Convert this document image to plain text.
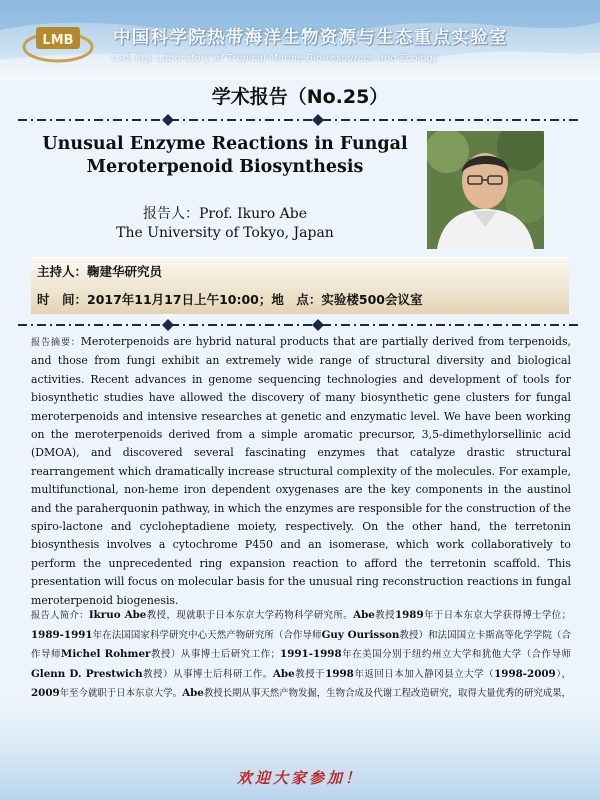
LMB 中国科学院热带海洋生物资源与生态重点实验室
CAS Key Laboratory of Tropical Marine Bio-resources and Ecology
学术报告（No.25）
Unusual Enzyme Reactions in Fungal
Meroterpenoid Biosynthesis
报告人：Prof. Ikuro Abe
The University of Tokyo, Japan
主持人：鞠建华研究员
时　间：2017年11月17日上午10:00；地　点：实验楼500会议室
报告摘要：Meroterpenoids are hybrid natural products that are partially derived from terpenoids, and those from fungi exhibit an extremely wide range of structural diversity and biological activities. Recent advances in genome sequencing technologies and development of tools for biosynthetic studies have allowed the discovery of many biosynthetic gene clusters for fungal meroterpenoids and intensive researches at genetic and enzymatic level. We have been working on the meroterpenoids derived from a simple aromatic precursor, 3,5-dimethylorsellinic acid (DMOA), and discovered several fascinating enzymes that catalyze drastic structural rearrangement which dramatically increase structural complexity of the molecules. For example, multifunctional, non-heme iron dependent oxygenases are the key components in the austinol and the paraherquonin pathway, in which the enzymes are responsible for the construction of the spiro-lactone and cycloheptadiene moiety, respectively. On the other hand, the terretonin biosynthesis involves a cytochrome P450 and an isomerase, which work collaboratively to perform the unprecedented ring expansion reaction to afford the terretonin scaffold. This presentation will focus on molecular basis for the unusual ring reconstruction reactions in fungal meroterpenoid biogenesis.
报告人简介：Ikruo Abe教授，现就职于日本东京大学药物科学研究所。Abe教授1989年于日本东京大学获得博士学位；1989-1991年在法国国家科学研究中心天然产物研究所（合作导师Guy Ourisson教授）和法国国立卡斯高等化学学院（合作导师Michel Rohmer教授）从事博士后研究工作；1991-1998年在美国分别于纽约州立大学和犹他大学（合作导师Glenn D. Prestwich教授）从事博士后科研工作。Abe教授于1998年返回日本加入静冈县立大学（1998-2009），2009年至今就职于日本东京大学。Abe教授长期从事天然产物发掘，生物合成及代谢工程改造研究，取得大量优秀的研究成果，
欢迎大家参加！
